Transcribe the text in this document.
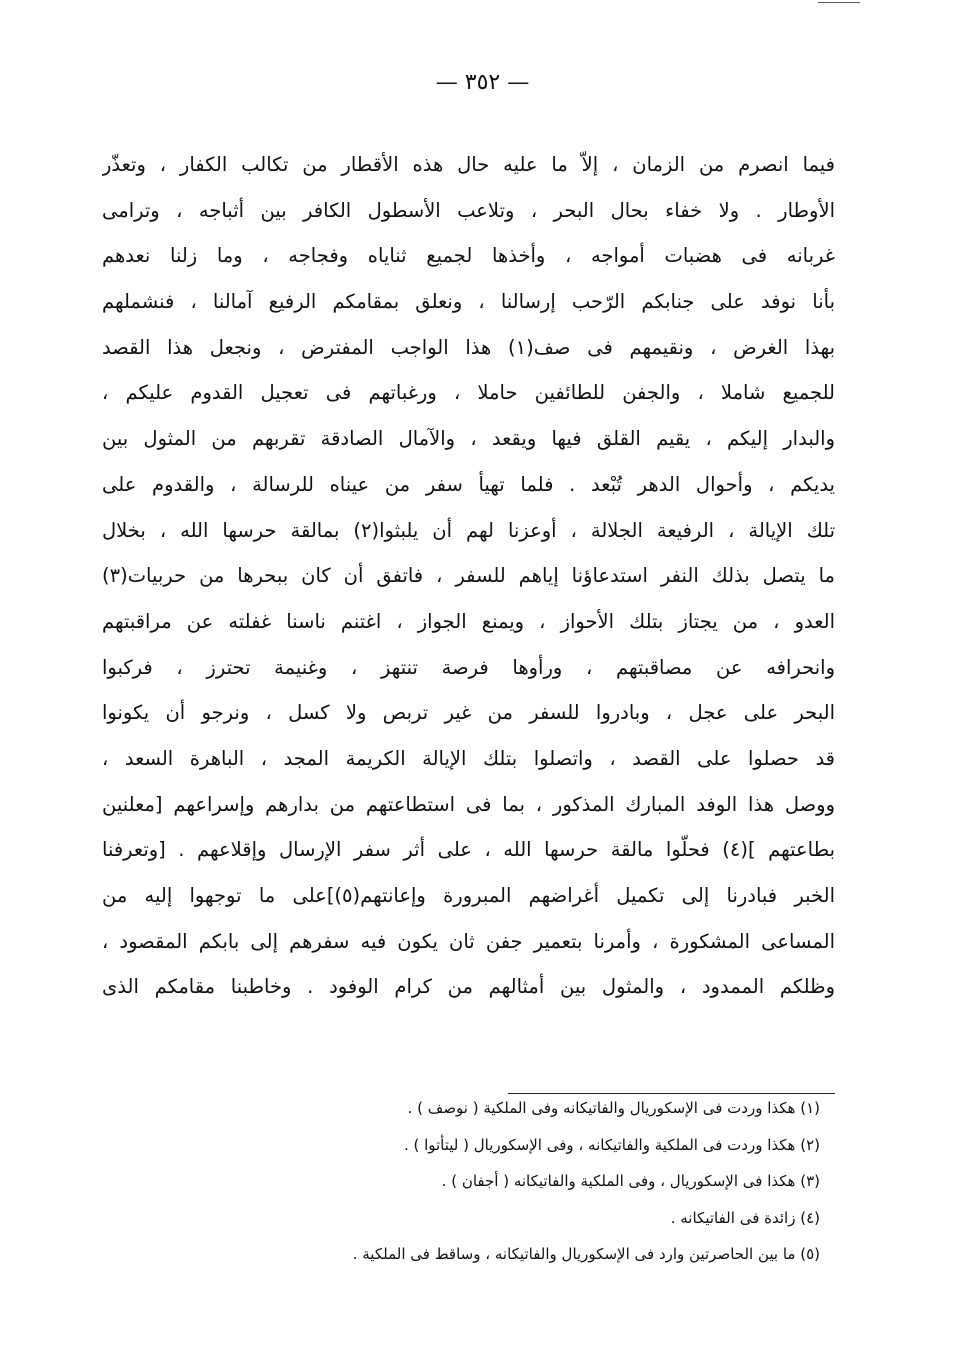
— ٣٥٢ —
فيما انصرم من الزمان ، إلاّ ما عليه حال هذه الأقطار من تكالب الكفار ، وتعذّر
الأوطار . ولا خفاء بحال البحر ، وتلاعب الأسطول الكافر بين أثباجه ، وترامى
غربانه فى هضبات أمواجه ، وأخذها لجميع ثناياه وفجاجه ، وما زلنا نعدهم
بأنا نوفد على جنابكم الرّحب إرسالنا ، ونعلق بمقامكم الرفيع آمالنا ، فنشملهم
بهذا الغرض ، ونقيمهم فى صف(١) هذا الواجب المفترض ، ونجعل هذا القصد
للجميع شاملا ، والجفن للطائفين حاملا ، ورغباتهم فى تعجيل القدوم عليكم ،
والبدار إليكم ، يقيم القلق فيها ويقعد ، والآمال الصادقة تقربهم من المثول بين
يديكم ، وأحوال الدهر تُبْعد . فلما تهيأ سفر من عيناه للرسالة ، والقدوم على
تلك الإيالة ، الرفيعة الجلالة ، أوعزنا لهم أن يلبثوا(٢) بمالقة حرسها الله ، بخلال
ما يتصل بذلك النفر استدعاؤنا إياهم للسفر ، فاتفق أن كان ببحرها من حربيات(٣)
العدو ، من يجتاز بتلك الأحواز ، ويمنع الجواز ، اغتنم ناسنا غفلته عن مراقبتهم
وانحرافه عن مصاقبتهم ، ورأوها فرصة تنتهز ، وغنيمة تحترز ، فركبوا
البحر على عجل ، وبادروا للسفر من غير تربص ولا كسل ، ونرجو أن يكونوا
قد حصلوا على القصد ، واتصلوا بتلك الإيالة الكريمة المجد ، الباهرة السعد ،
ووصل هذا الوفد المبارك المذكور ، بما فى استطاعتهم من بدارهم وإسراعهم [معلنين
بطاعتهم ](٤) فحلّوا مالقة حرسها الله ، على أثر سفر الإرسال وإقلاعهم . [وتعرفنا
الخبر فبادرنا إلى تكميل أغراضهم المبرورة وإعانتهم(٥)]على ما توجهوا إليه من
المساعى المشكورة ، وأمرنا بتعمير جفن ثان يكون فيه سفرهم إلى بابكم المقصود ،
وظلكم الممدود ، والمثول بين أمثالهم من كرام الوفود . وخاطبنا مقامكم الذى
(١) هكذا وردت فى الإسكوريال والفاتيكانه وفى الملكية ( نوصف ) .
(٢) هكذا وردت فى الملكية والفاتيكانه ، وفى الإسكوريال ( ليتأتوا ) .
(٣) هكذا فى الإسكوريال ، وفى الملكية والفاتيكانه ( أجفان ) .
(٤) زائدة فى الفاتيكانه .
(٥) ما بين الحاصرتين وارد فى الإسكوريال والفاتيكانه ، وساقط فى الملكية .
